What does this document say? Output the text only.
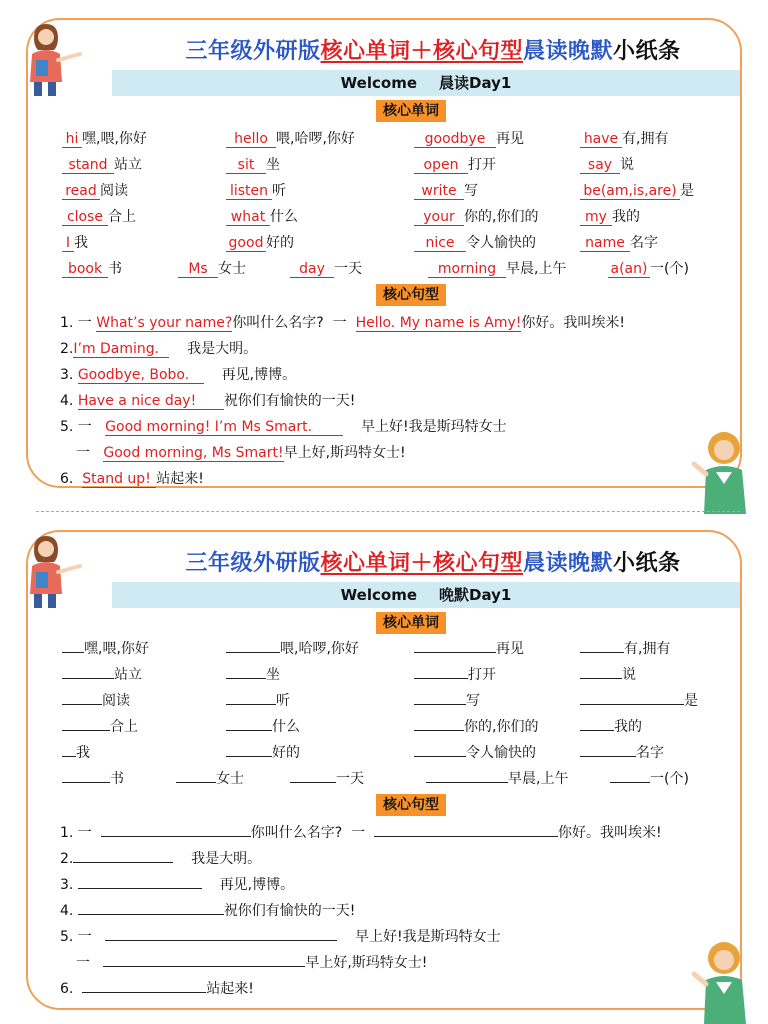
三年级外研版核心单词＋核心句型晨读晚默小纸条
Welcome 晨读Day1
核心单词
hi 嘿,喂,你好	hello 喂,哈啰,你好	goodbye 再见	have 有,拥有
stand 站立	sit 坐	open 打开	say 说
read 阅读	listen 听	write 写	be(am,is,are) 是
close 合上	what 什么	your 你的,你们的	my 我的
I 我	good 好的	nice 令人愉快的	name 名字
book 书	Ms 女士	day 一天	morning 早晨,上午	a(an) 一(个)
核心句型
1. 一 What’s your name?你叫什么名字? 一 Hello. My name is Amy!你好。我叫埃米!
2.I’m Daming. 我是大明。
3. Goodbye, Bobo. 再见,博博。
4. Have a nice day! 祝你们有愉快的一天!
5. 一 Good morning! I’m Ms Smart.	早上好!我是斯玛特女士
一 Good morning, Ms Smart!早上好,斯玛特女士!
6. Stand up! 站起来!
三年级外研版核心单词＋核心句型晨读晚默小纸条
Welcome 晚默Day1
核心单词
嘿,喂,你好	喂,哈啰,你好	再见	有,拥有
站立	坐	打开	说
阅读	听	写	是
合上	什么	你的,你们的	我的
我	好的	令人愉快的	名字
书	女士	一天	早晨,上午	一(个)
核心句型
1. 一	你叫什么名字? 一	你好。我叫埃米!
2.	我是大明。
3.	再见,博博。
4.	祝你们有愉快的一天!
5. 一	早上好!我是斯玛特女士
一	早上好,斯玛特女士!
6.	站起来!
